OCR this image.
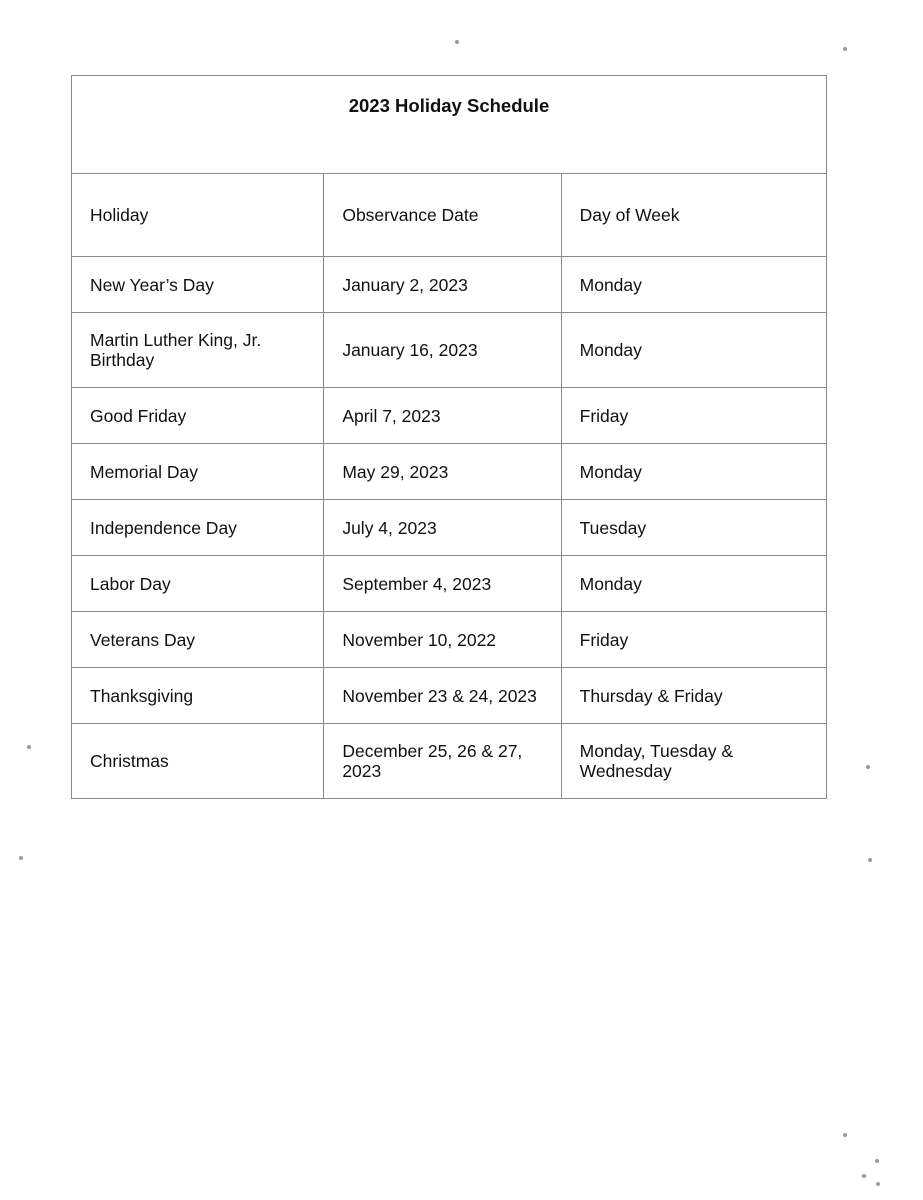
2023 Holiday Schedule		
Holiday	Observance Date	Day of Week
New Year’s Day	January 2, 2023	Monday
Martin Luther King, Jr. Birthday	January 16, 2023	Monday
Good Friday	April 7, 2023	Friday
Memorial Day	May 29, 2023	Monday
Independence Day	July 4, 2023	Tuesday
Labor Day	September 4, 2023	Monday
Veterans Day	November 10, 2022	Friday
Thanksgiving	November 23 & 24, 2023	Thursday & Friday
Christmas	December 25, 26 & 27, 2023	Monday, Tuesday & Wednesday
